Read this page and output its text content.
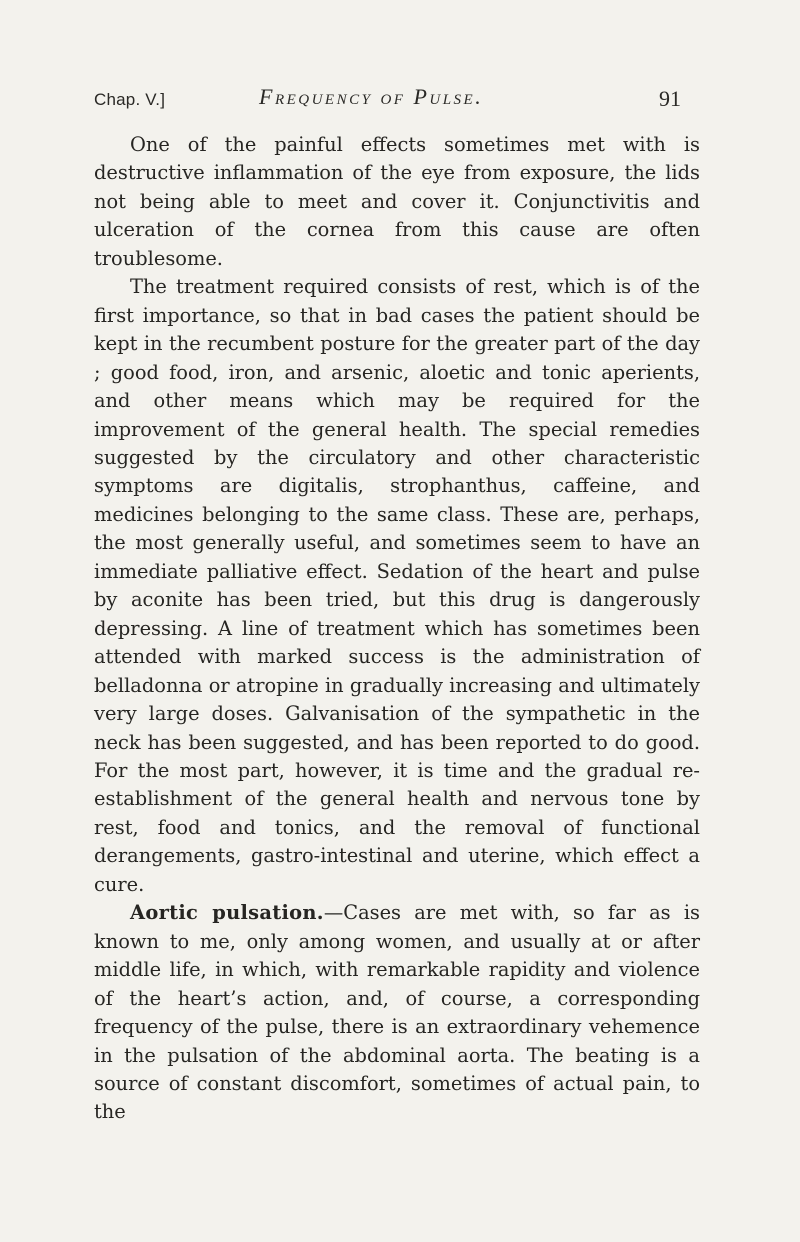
Chap. V.]	Frequency of Pulse.	91

One of the painful effects sometimes met with is destructive inflammation of the eye from exposure, the lids not being able to meet and cover it. Conjunctivitis and ulceration of the cornea from this cause are often troublesome.

The treatment required consists of rest, which is of the first importance, so that in bad cases the patient should be kept in the recumbent posture for the greater part of the day ; good food, iron, and arsenic, aloetic and tonic aperients, and other means which may be required for the improvement of the general health. The special remedies suggested by the circulatory and other characteristic symptoms are digitalis, strophanthus, caffeine, and medicines belonging to the same class. These are, perhaps, the most generally useful, and sometimes seem to have an immediate palliative effect. Sedation of the heart and pulse by aconite has been tried, but this drug is dangerously depressing. A line of treatment which has sometimes been attended with marked success is the administration of belladonna or atropine in gradually increasing and ultimately very large doses. Galvanisation of the sympathetic in the neck has been suggested, and has been reported to do good. For the most part, however, it is time and the gradual re-establishment of the general health and nervous tone by rest, food and tonics, and the removal of functional derangements, gastro-intestinal and uterine, which effect a cure.

Aortic pulsation.—Cases are met with, so far as is known to me, only among women, and usually at or after middle life, in which, with remarkable rapidity and violence of the heart’s action, and, of course, a corresponding frequency of the pulse, there is an extraordinary vehemence in the pulsation of the abdominal aorta. The beating is a source of constant discomfort, sometimes of actual pain, to the
